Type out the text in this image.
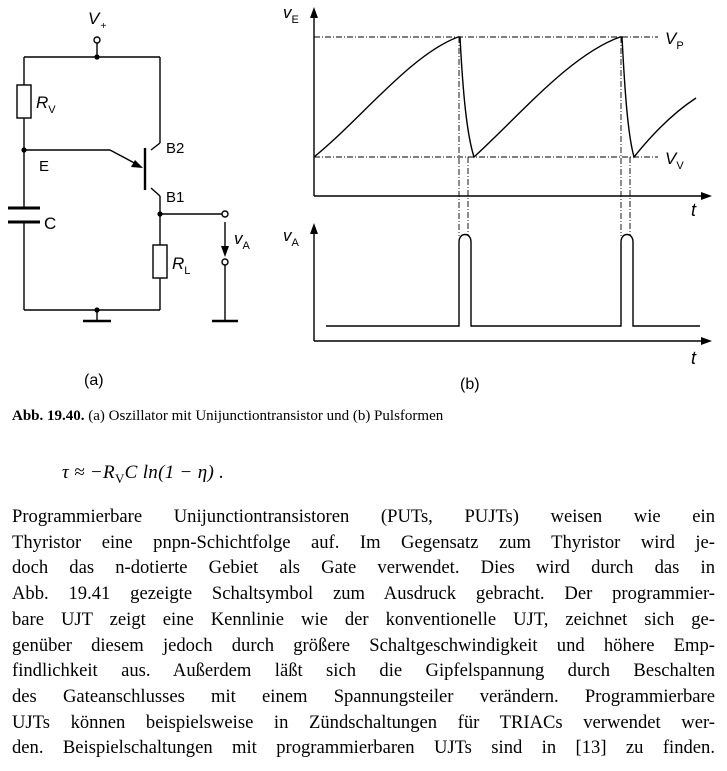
$V_+$
$R_V$
E
C
B2
B1
$R_L$
$v_A$
(a)
$v_E$
$V_P$
$V_V$
t
$v_A$
t
(b)
Abb. 19.40. (a) Oszillator mit Unijunctiontransistor und (b) Pulsformen
$\tau \approx -R_VC$ ln(1 − η) .
Programmierbare Unijunctiontransistoren (PUTs, PUJTs) weisen wie ein
Thyristor eine pnpn-Schichtfolge auf. Im Gegensatz zum Thyristor wird je-
doch das n-dotierte Gebiet als Gate verwendet. Dies wird durch das in
Abb. 19.41 gezeigte Schaltsymbol zum Ausdruck gebracht. Der programmier-
bare UJT zeigt eine Kennlinie wie der konventionelle UJT, zeichnet sich ge-
genüber diesem jedoch durch größere Schaltgeschwindigkeit und höhere Emp-
findlichkeit aus. Außerdem läßt sich die Gipfelspannung durch Beschalten
des Gateanschlusses mit einem Spannungsteiler verändern. Programmierbare
UJTs können beispielsweise in Zündschaltungen für TRIACs verwendet wer-
den. Beispielschaltungen mit programmierbaren UJTs sind in [13] zu finden.
